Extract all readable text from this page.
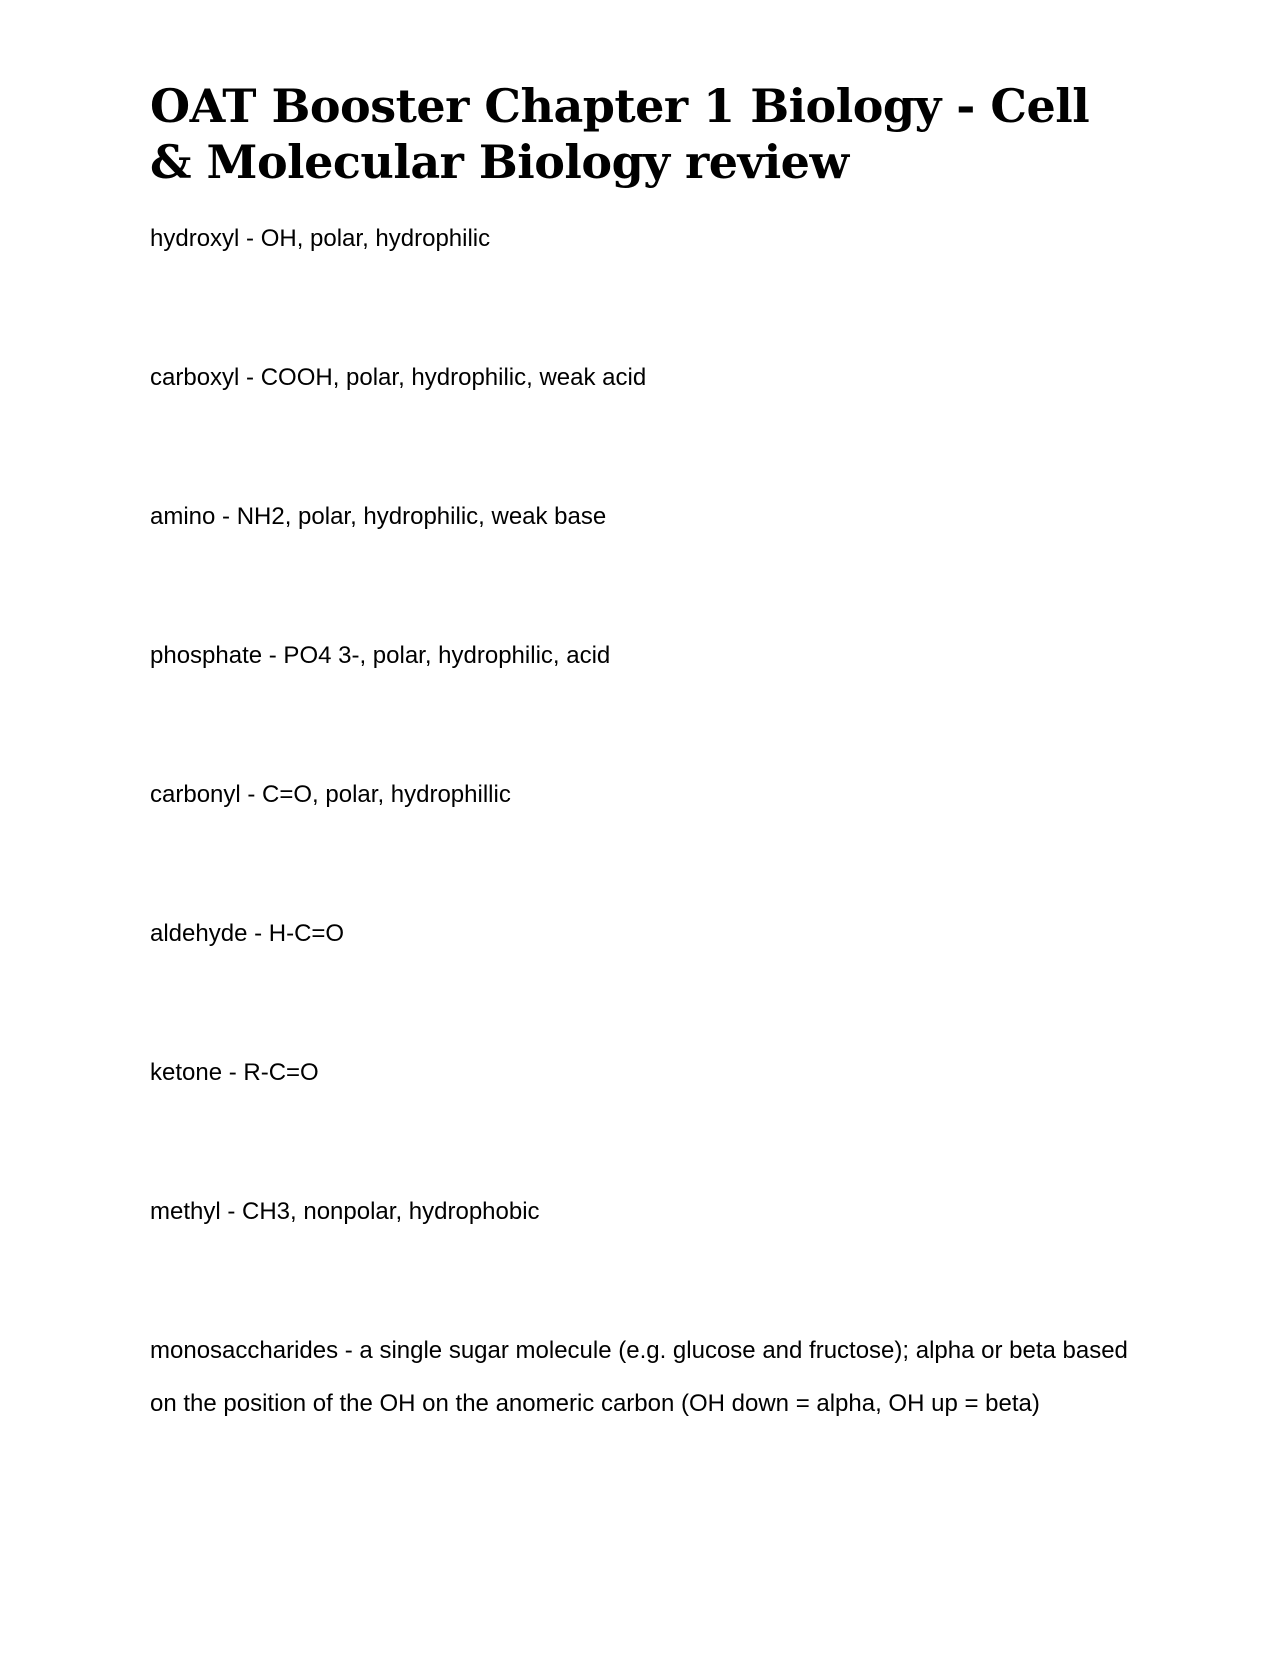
OAT Booster Chapter 1 Biology - Cell & Molecular Biology review

hydroxyl - OH, polar, hydrophilic

carboxyl - COOH, polar, hydrophilic, weak acid

amino - NH2, polar, hydrophilic, weak base

phosphate - PO4 3-, polar, hydrophilic, acid

carbonyl - C=O, polar, hydrophillic

aldehyde - H-C=O

ketone - R-C=O

methyl - CH3, nonpolar, hydrophobic

monosaccharides - a single sugar molecule (e.g. glucose and fructose); alpha or beta based on the position of the OH on the anomeric carbon (OH down = alpha, OH up = beta)
